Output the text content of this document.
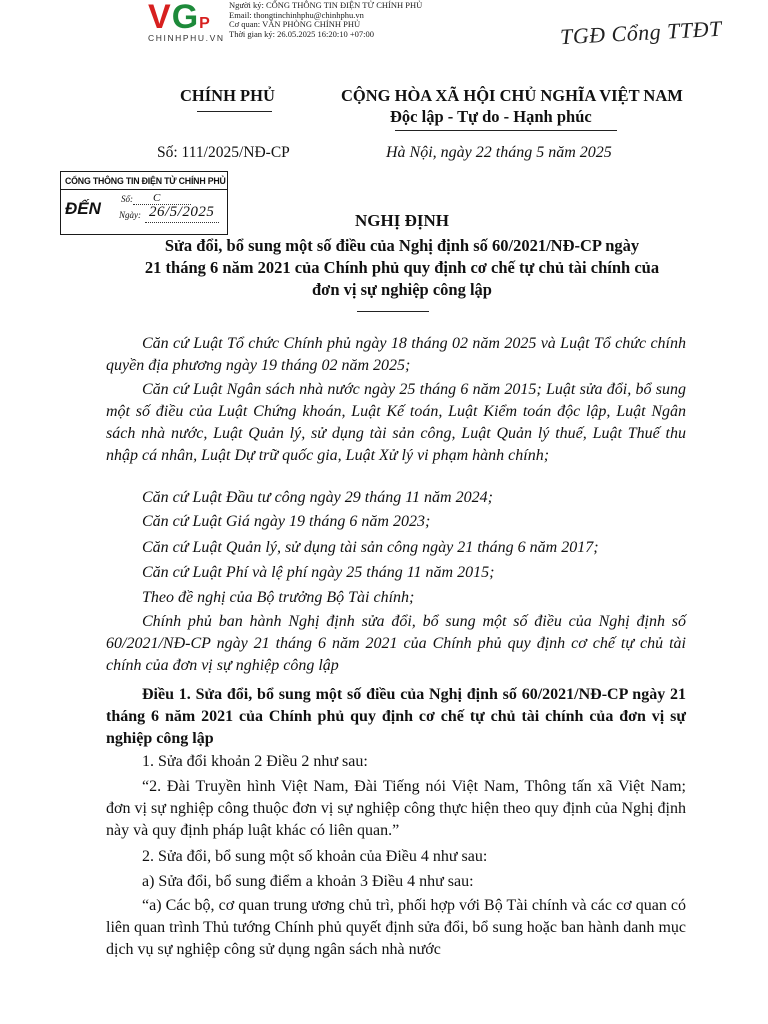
VGP
CHINHPHU.VN
Người ký: CỔNG THÔNG TIN ĐIỆN TỬ CHÍNH PHỦ
Email: thongtinchinhphu@chinhphu.vn
Cơ quan: VĂN PHÒNG CHÍNH PHỦ
Thời gian ký: 26.05.2025 16:20:10 +07:00	TGĐ Cổng TTĐT
CHÍNH PHỦ	CỘNG HÒA XÃ HỘI CHỦ NGHĨA VIỆT NAM
Độc lập - Tự do - Hạnh phúc
Số: 111/2025/NĐ-CP	Hà Nội, ngày 22 tháng 5 năm 2025
CỔNG THÔNG TIN ĐIỆN TỬ CHÍNH PHỦ
ĐẾN Số: C
Ngày: 26/5/2025	NGHỊ ĐỊNH
Sửa đổi, bổ sung một số điều của Nghị định số 60/2021/NĐ-CP ngày
21 tháng 6 năm 2021 của Chính phủ quy định cơ chế tự chủ tài chính của
đơn vị sự nghiệp công lập
Căn cứ Luật Tổ chức Chính phủ ngày 18 tháng 02 năm 2025 và Luật Tổ chức chính quyền địa phương ngày 19 tháng 02 năm 2025;
Căn cứ Luật Ngân sách nhà nước ngày 25 tháng 6 năm 2015; Luật sửa đổi, bổ sung một số điều của Luật Chứng khoán, Luật Kế toán, Luật Kiểm toán độc lập, Luật Ngân sách nhà nước, Luật Quản lý, sử dụng tài sản công, Luật Quản lý thuế, Luật Thuế thu nhập cá nhân, Luật Dự trữ quốc gia, Luật Xử lý vi phạm hành chính;
Căn cứ Luật Đầu tư công ngày 29 tháng 11 năm 2024;
Căn cứ Luật Giá ngày 19 tháng 6 năm 2023;
Căn cứ Luật Quản lý, sử dụng tài sản công ngày 21 tháng 6 năm 2017;
Căn cứ Luật Phí và lệ phí ngày 25 tháng 11 năm 2015;
Theo đề nghị của Bộ trưởng Bộ Tài chính;
Chính phủ ban hành Nghị định sửa đổi, bổ sung một số điều của Nghị định số 60/2021/NĐ-CP ngày 21 tháng 6 năm 2021 của Chính phủ quy định cơ chế tự chủ tài chính của đơn vị sự nghiệp công lập
Điều 1. Sửa đổi, bổ sung một số điều của Nghị định số 60/2021/NĐ-CP ngày 21 tháng 6 năm 2021 của Chính phủ quy định cơ chế tự chủ tài chính của đơn vị sự nghiệp công lập
1. Sửa đổi khoản 2 Điều 2 như sau:
“2. Đài Truyền hình Việt Nam, Đài Tiếng nói Việt Nam, Thông tấn xã Việt Nam; đơn vị sự nghiệp công thuộc đơn vị sự nghiệp công thực hiện theo quy định của Nghị định này và quy định pháp luật khác có liên quan.”
2. Sửa đổi, bổ sung một số khoản của Điều 4 như sau:
a) Sửa đổi, bổ sung điểm a khoản 3 Điều 4 như sau:
“a) Các bộ, cơ quan trung ương chủ trì, phối hợp với Bộ Tài chính và các cơ quan có liên quan trình Thủ tướng Chính phủ quyết định sửa đổi, bổ sung hoặc ban hành danh mục dịch vụ sự nghiệp công sử dụng ngân sách nhà nước
